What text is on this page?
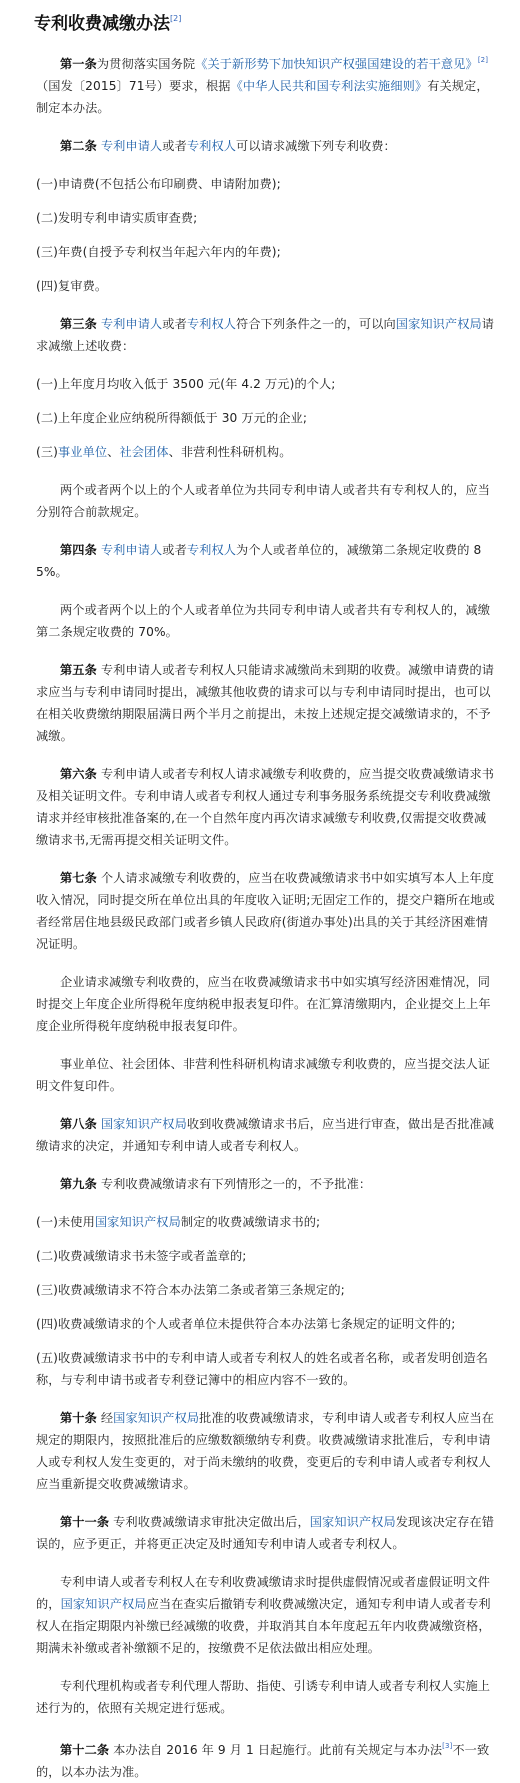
专利收费减缴办法[2]

第一条为贯彻落实国务院《关于新形势下加快知识产权强国建设的若干意见》[2]（国发〔2015〕71号）要求，根据《中华人民共和国专利法实施细则》有关规定，制定本办法。

第二条 专利申请人或者专利权人可以请求减缴下列专利收费：

(一)申请费(不包括公布印刷费、申请附加费);

(二)发明专利申请实质审查费;

(三)年费(自授予专利权当年起六年内的年费);

(四)复审费。

第三条 专利申请人或者专利权人符合下列条件之一的，可以向国家知识产权局请求减缴上述收费：

(一)上年度月均收入低于 3500 元(年 4.2 万元)的个人;

(二)上年度企业应纳税所得额低于 30 万元的企业;

(三)事业单位、社会团体、非营利性科研机构。

两个或者两个以上的个人或者单位为共同专利申请人或者共有专利权人的，应当分别符合前款规定。

第四条 专利申请人或者专利权人为个人或者单位的，减缴第二条规定收费的 85%。

两个或者两个以上的个人或者单位为共同专利申请人或者共有专利权人的，减缴第二条规定收费的 70%。

第五条 专利申请人或者专利权人只能请求减缴尚未到期的收费。减缴申请费的请求应当与专利申请同时提出，减缴其他收费的请求可以与专利申请同时提出，也可以在相关收费缴纳期限届满日两个半月之前提出，未按上述规定提交减缴请求的，不予减缴。

第六条 专利申请人或者专利权人请求减缴专利收费的，应当提交收费减缴请求书及相关证明文件。专利申请人或者专利权人通过专利事务服务系统提交专利收费减缴请求并经审核批准备案的,在一个自然年度内再次请求减缴专利收费,仅需提交收费减缴请求书,无需再提交相关证明文件。

第七条 个人请求减缴专利收费的，应当在收费减缴请求书中如实填写本人上年度收入情况，同时提交所在单位出具的年度收入证明;无固定工作的，提交户籍所在地或者经常居住地县级民政部门或者乡镇人民政府(街道办事处)出具的关于其经济困难情况证明。

企业请求减缴专利收费的，应当在收费减缴请求书中如实填写经济困难情况，同时提交上年度企业所得税年度纳税申报表复印件。在汇算清缴期内，企业提交上上年度企业所得税年度纳税申报表复印件。

事业单位、社会团体、非营利性科研机构请求减缴专利收费的，应当提交法人证明文件复印件。

第八条 国家知识产权局收到收费减缴请求书后，应当进行审查，做出是否批准减缴请求的决定，并通知专利申请人或者专利权人。

第九条 专利收费减缴请求有下列情形之一的，不予批准：

(一)未使用国家知识产权局制定的收费减缴请求书的;

(二)收费减缴请求书未签字或者盖章的;

(三)收费减缴请求不符合本办法第二条或者第三条规定的;

(四)收费减缴请求的个人或者单位未提供符合本办法第七条规定的证明文件的;

(五)收费减缴请求书中的专利申请人或者专利权人的姓名或者名称，或者发明创造名称，与专利申请书或者专利登记簿中的相应内容不一致的。

第十条 经国家知识产权局批准的收费减缴请求，专利申请人或者专利权人应当在规定的期限内，按照批准后的应缴数额缴纳专利费。收费减缴请求批准后，专利申请人或专利权人发生变更的，对于尚未缴纳的收费，变更后的专利申请人或者专利权人应当重新提交收费减缴请求。

第十一条 专利收费减缴请求审批决定做出后，国家知识产权局发现该决定存在错误的，应予更正，并将更正决定及时通知专利申请人或者专利权人。

专利申请人或者专利权人在专利收费减缴请求时提供虚假情况或者虚假证明文件的，国家知识产权局应当在查实后撤销专利收费减缴决定，通知专利申请人或者专利权人在指定期限内补缴已经减缴的收费，并取消其自本年度起五年内收费减缴资格，期满未补缴或者补缴额不足的，按缴费不足依法做出相应处理。

专利代理机构或者专利代理人帮助、指使、引诱专利申请人或者专利权人实施上述行为的，依照有关规定进行惩戒。

第十二条 本办法自 2016 年 9 月 1 日起施行。此前有关规定与本办法[3]不一致的，以本办法为准。
